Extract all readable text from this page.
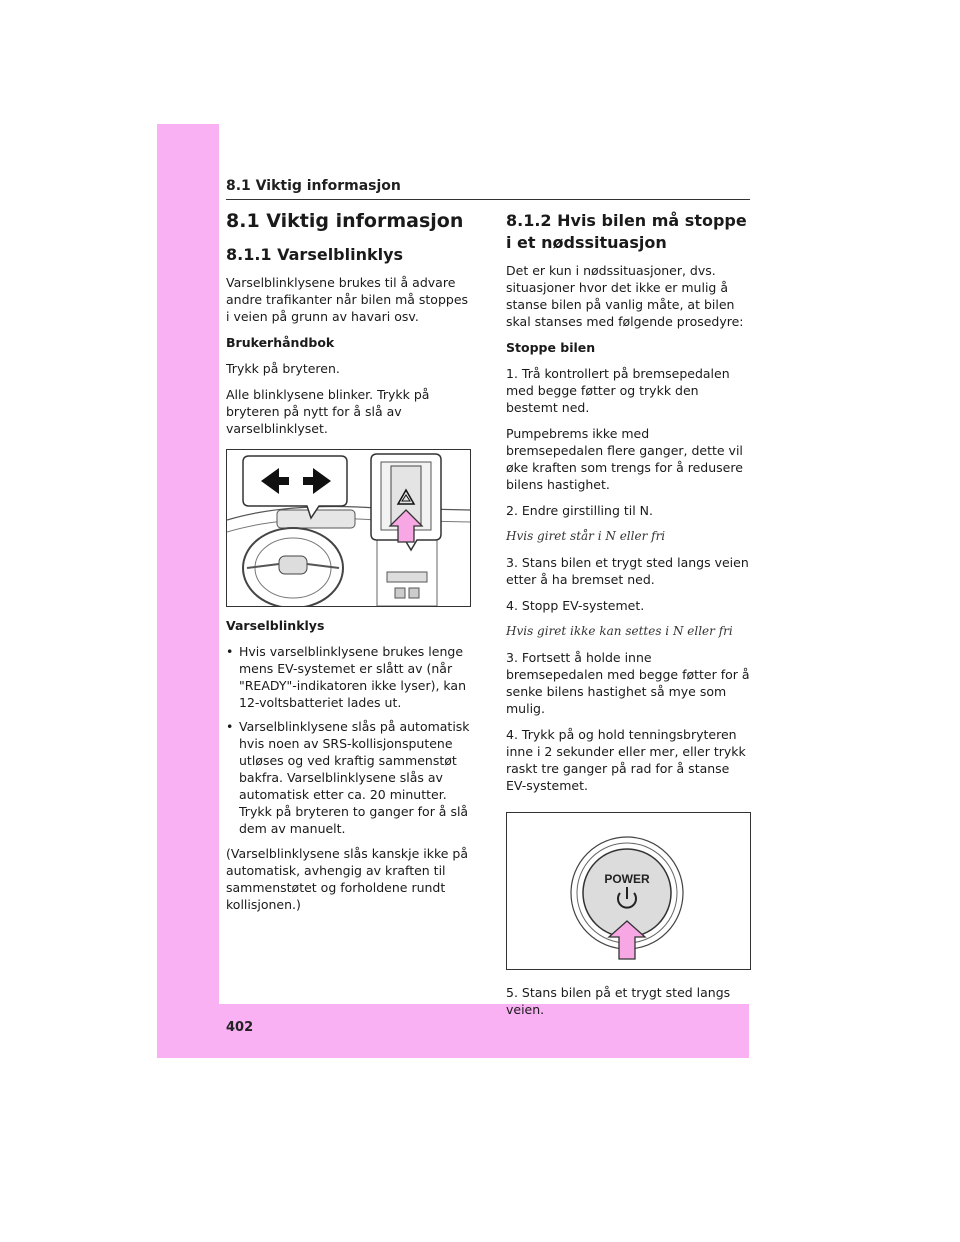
402
8.1 Viktig informasjon
8.1 Viktig informasjon
8.1.1 Varselblinklys

Varselblinklysene brukes til å advare andre trafikanter når bilen må stoppes i veien på grunn av havari osv.

Brukerhåndbok

Trykk på bryteren.

Alle blinklysene blinker. Trykk på bryteren på nytt for å slå av varselblinklyset.

Varselblinklys

• Hvis varselblinklysene brukes lenge mens EV-systemet er slått av (når "READY"-indikatoren ikke lyser), kan 12-voltsbatteriet lades ut.
• Varselblinklysene slås på automatisk hvis noen av SRS-kollisjonsputene utløses og ved kraftig sammenstøt bakfra. Varselblinklysene slås av automatisk etter ca. 20 minutter. Trykk på bryteren to ganger for å slå dem av manuelt.

(Varselblinklysene slås kanskje ikke på automatisk, avhengig av kraften til sammenstøtet og forholdene rundt kollisjonen.)

8.1.2 Hvis bilen må stoppe i et nødssituasjon

Det er kun i nødssituasjoner, dvs. situasjoner hvor det ikke er mulig å stanse bilen på vanlig måte, at bilen skal stanses med følgende prosedyre:

Stoppe bilen

1. Trå kontrollert på bremsepedalen med begge føtter og trykk den bestemt ned.

Pumpebrems ikke med bremsepedalen flere ganger, dette vil øke kraften som trengs for å redusere bilens hastighet.

2. Endre girstilling til N.

Hvis giret står i N eller fri

3. Stans bilen et trygt sted langs veien etter å ha bremset ned.

4. Stopp EV-systemet.

Hvis giret ikke kan settes i N eller fri

3. Fortsett å holde inne bremsepedalen med begge føtter for å senke bilens hastighet så mye som mulig.

4. Trykk på og hold tenningsbryteren inne i 2 sekunder eller mer, eller trykk raskt tre ganger på rad for å stanse EV-systemet.

POWER

5. Stans bilen på et trygt sted langs veien.
